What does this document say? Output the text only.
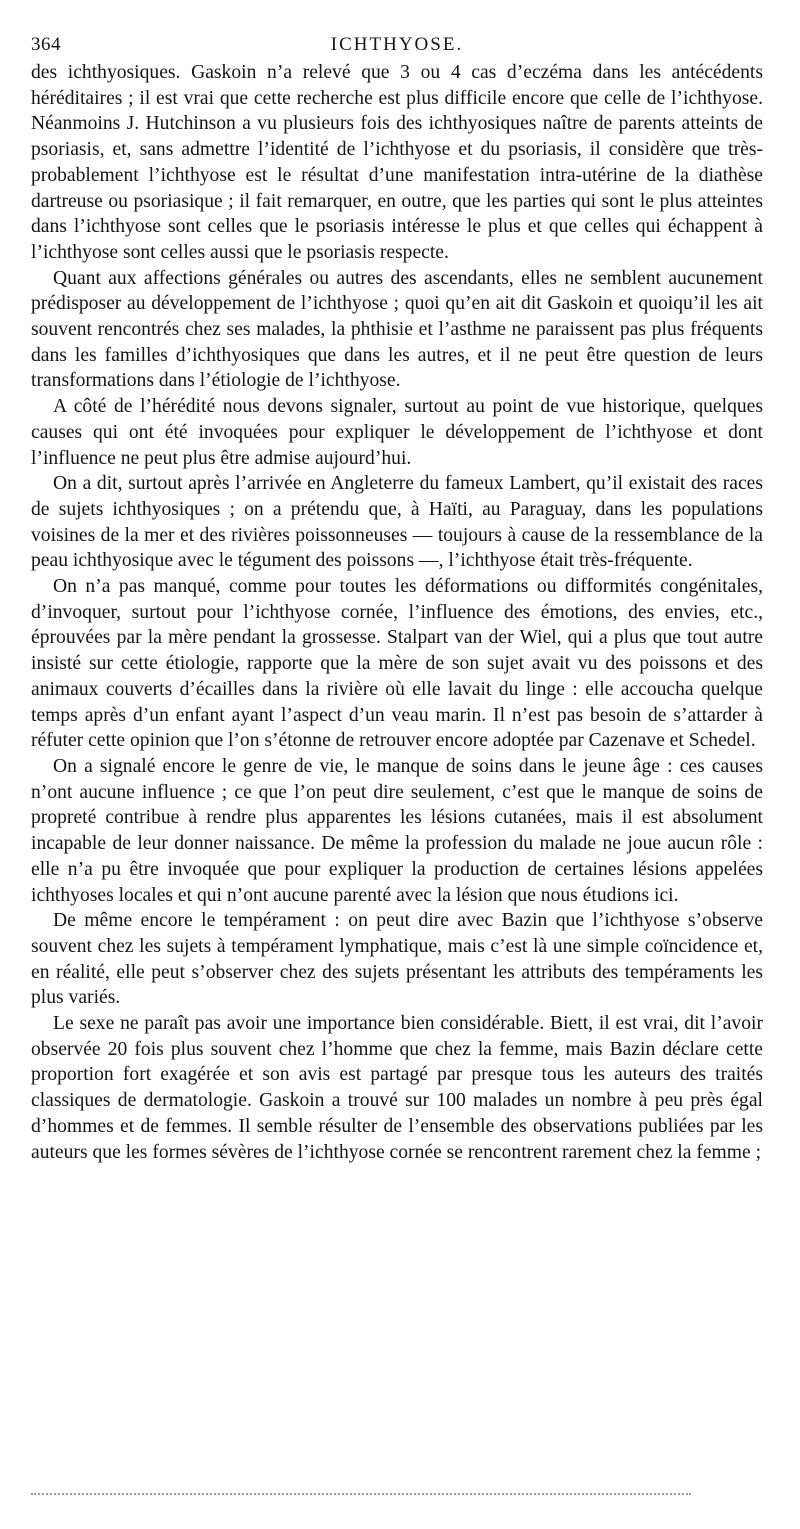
364	ICHTHYOSE.

des ichthyosiques. Gaskoin n’a relevé que 3 ou 4 cas d’eczéma dans les antécédents héréditaires ; il est vrai que cette recherche est plus difficile encore que celle de l’ichthyose. Néanmoins J. Hutchinson a vu plusieurs fois des ichthyosiques naître de parents atteints de psoriasis, et, sans admettre l’identité de l’ichthyose et du psoriasis, il considère que très-probablement l’ichthyose est le résultat d’une manifestation intra-utérine de la diathèse dartreuse ou psoriasique ; il fait remarquer, en outre, que les parties qui sont le plus atteintes dans l’ichthyose sont celles que le psoriasis intéresse le plus et que celles qui échappent à l’ichthyose sont celles aussi que le psoriasis respecte.

Quant aux affections générales ou autres des ascendants, elles ne semblent aucunement prédisposer au développement de l’ichthyose ; quoi qu’en ait dit Gaskoin et quoiqu’il les ait souvent rencontrés chez ses malades, la phthisie et l’asthme ne paraissent pas plus fréquents dans les familles d’ichthyosiques que dans les autres, et il ne peut être question de leurs transformations dans l’étiologie de l’ichthyose.

A côté de l’hérédité nous devons signaler, surtout au point de vue historique, quelques causes qui ont été invoquées pour expliquer le développement de l’ichthyose et dont l’influence ne peut plus être admise aujourd’hui.

On a dit, surtout après l’arrivée en Angleterre du fameux Lambert, qu’il existait des races de sujets ichthyosiques ; on a prétendu que, à Haïti, au Paraguay, dans les populations voisines de la mer et des rivières poissonneuses — toujours à cause de la ressemblance de la peau ichthyosique avec le tégument des poissons —, l’ichthyose était très-fréquente.

On n’a pas manqué, comme pour toutes les déformations ou difformités congénitales, d’invoquer, surtout pour l’ichthyose cornée, l’influence des émotions, des envies, etc., éprouvées par la mère pendant la grossesse. Stalpart van der Wiel, qui a plus que tout autre insisté sur cette étiologie, rapporte que la mère de son sujet avait vu des poissons et des animaux couverts d’écailles dans la rivière où elle lavait du linge : elle accoucha quelque temps après d’un enfant ayant l’aspect d’un veau marin. Il n’est pas besoin de s’attarder à réfuter cette opinion que l’on s’étonne de retrouver encore adoptée par Cazenave et Schedel.

On a signalé encore le genre de vie, le manque de soins dans le jeune âge : ces causes n’ont aucune influence ; ce que l’on peut dire seulement, c’est que le manque de soins de propreté contribue à rendre plus apparentes les lésions cutanées, mais il est absolument incapable de leur donner naissance. De même la profession du malade ne joue aucun rôle : elle n’a pu être invoquée que pour expliquer la production de certaines lésions appelées ichthyoses locales et qui n’ont aucune parenté avec la lésion que nous étudions ici.

De même encore le tempérament : on peut dire avec Bazin que l’ichthyose s’observe souvent chez les sujets à tempérament lymphatique, mais c’est là une simple coïncidence et, en réalité, elle peut s’observer chez des sujets présentant les attributs des tempéraments les plus variés.

Le sexe ne paraît pas avoir une importance bien considérable. Biett, il est vrai, dit l’avoir observée 20 fois plus souvent chez l’homme que chez la femme, mais Bazin déclare cette proportion fort exagérée et son avis est partagé par presque tous les auteurs des traités classiques de dermatologie. Gaskoin a trouvé sur 100 malades un nombre à peu près égal d’hommes et de femmes. Il semble résulter de l’ensemble des observations publiées par les auteurs que les formes sévères de l’ichthyose cornée se rencontrent rarement chez la femme ;
